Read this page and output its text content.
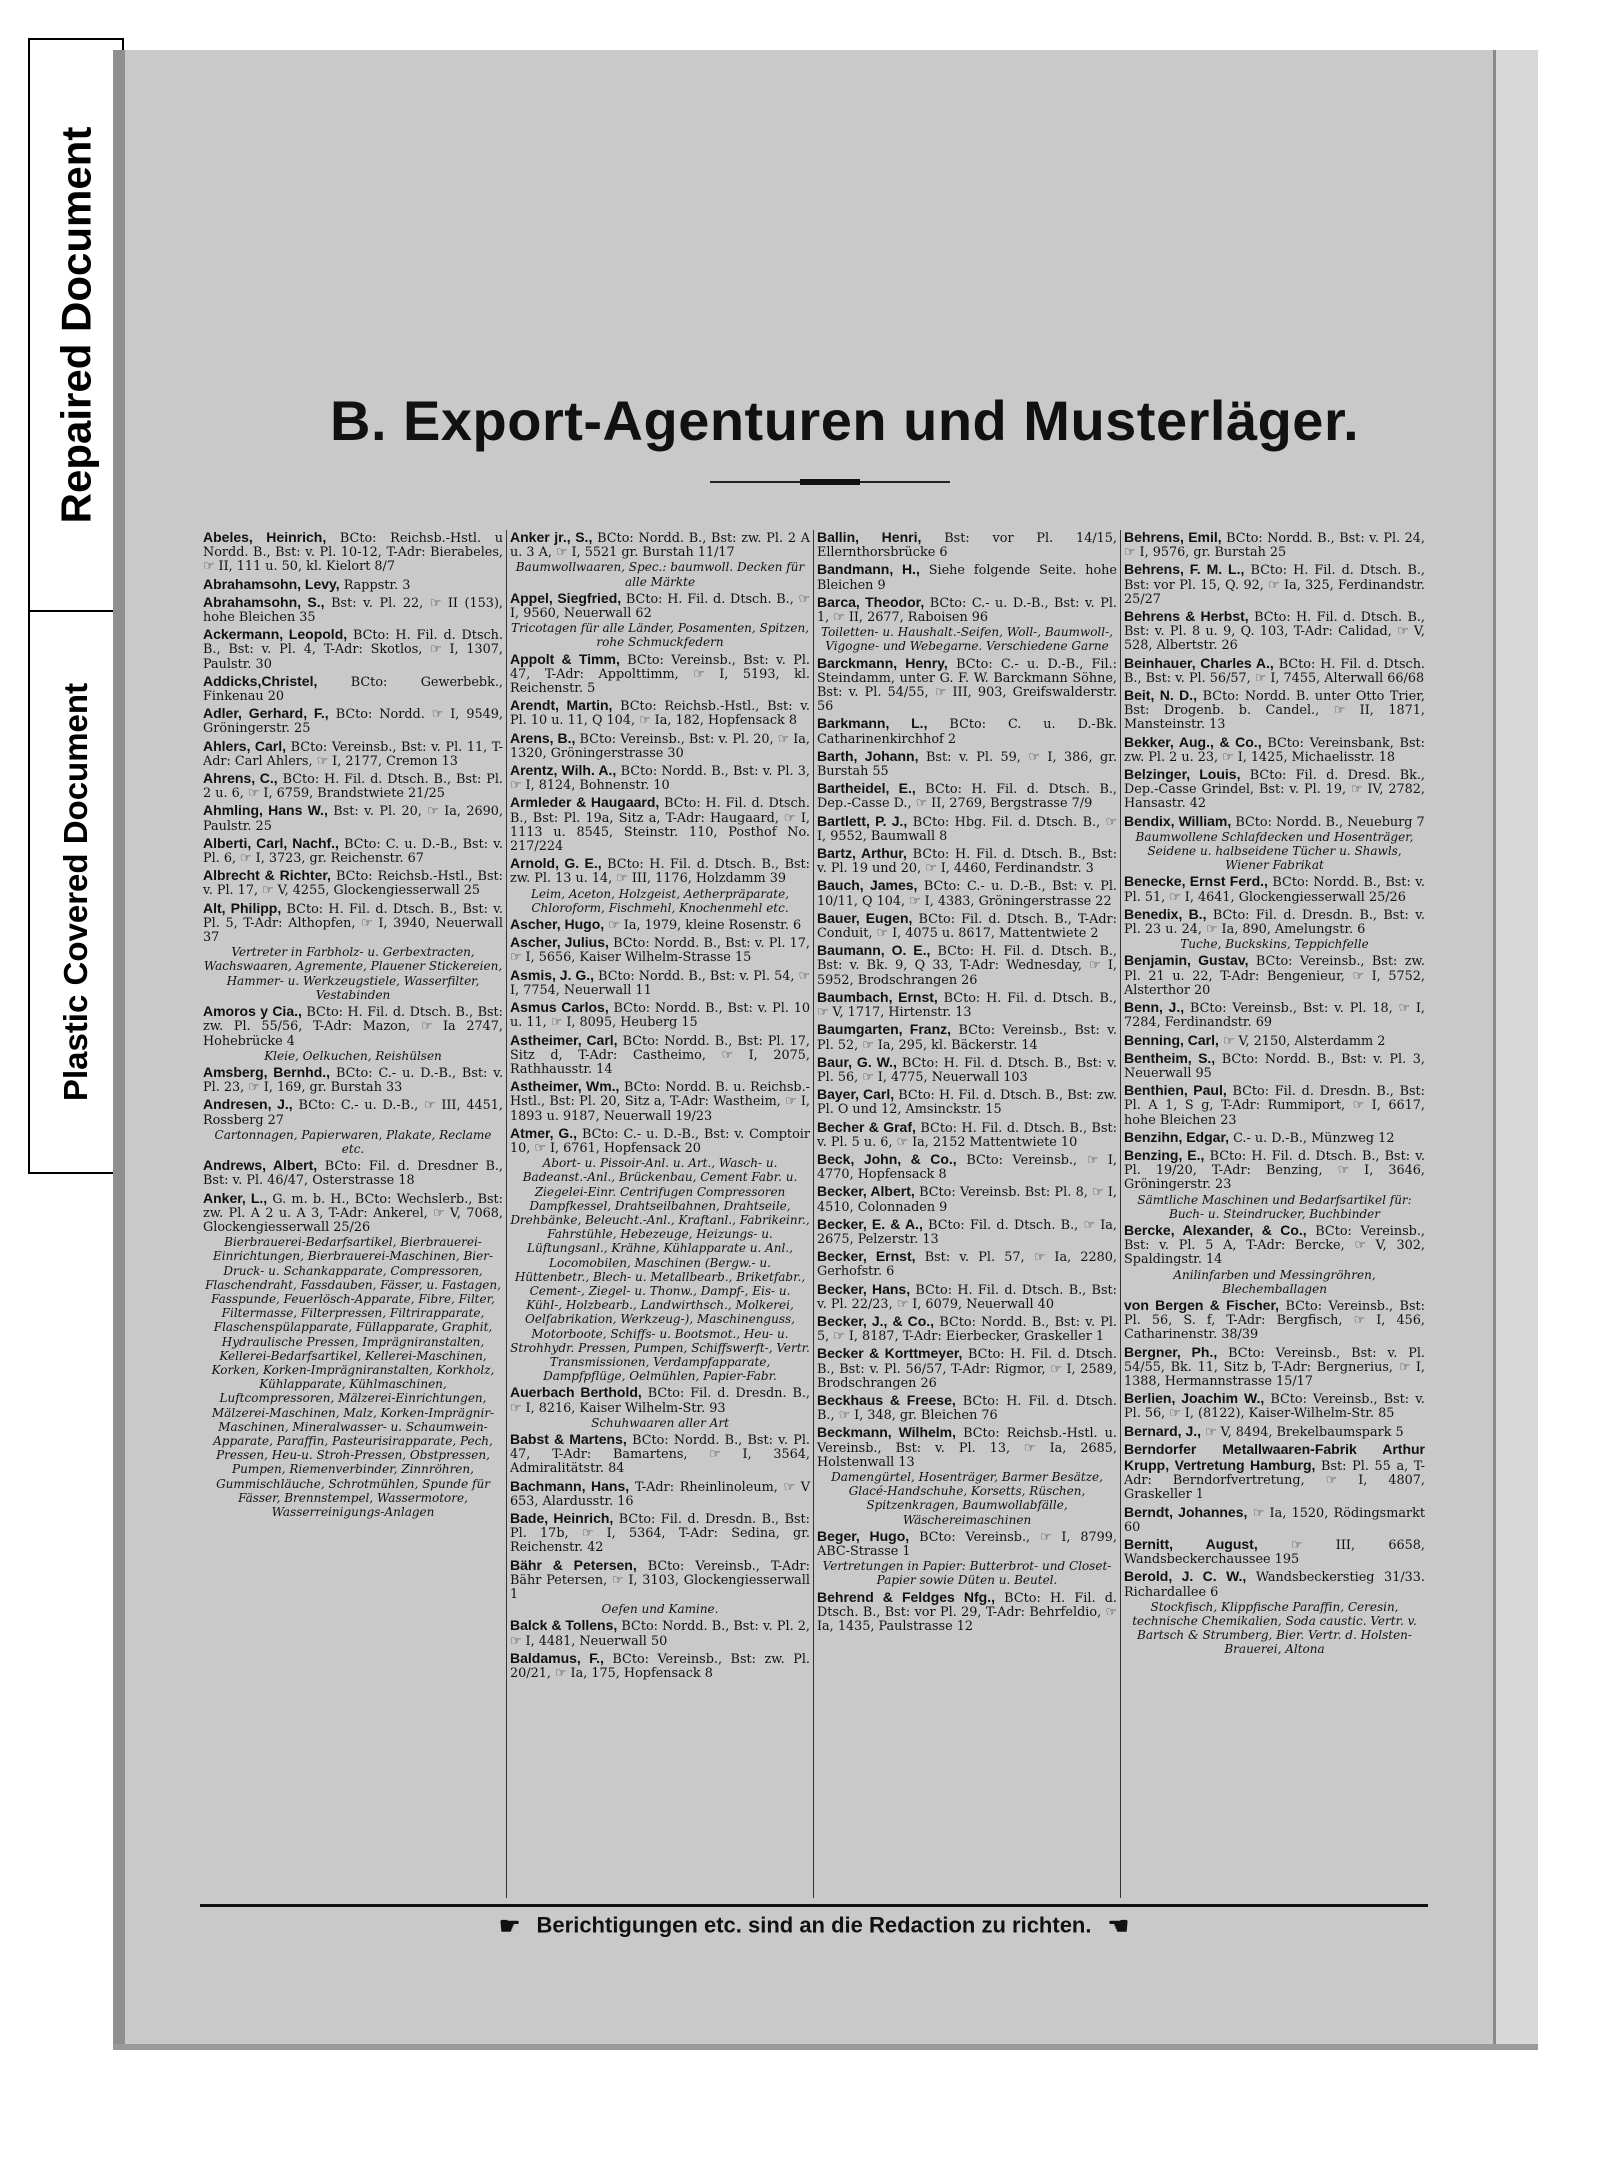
Repaired Document
Plastic Covered Document
B. Export-Agenturen und Musterläger.
Abeles, Heinrich, BCto: Reichsb.-Hstl. u Nordd. B., Bst: v. Pl. 10-12, T-Adr: Bierabeles, ☞ II, 111 u. 50, kl. Kielort 8/7
Abrahamsohn, Levy, Rappstr. 3
Abrahamsohn, S., Bst: v. Pl. 22, ☞ II (153), hohe Bleichen 35
Ackermann, Leopold, BCto: H. Fil. d. Dtsch. B., Bst: v. Pl. 4, T-Adr: Skotlos, ☞ I, 1307, Paulstr. 30
Addicks,Christel,	BCto: Gewerbebk., Finkenau 20
Adler, Gerhard, F., BCto: Nordd. ☞ I, 9549, Gröningerstr. 25
Ahlers, Carl, BCto: Vereinsb., Bst: v. Pl. 11, T-Adr: Carl Ahlers, ☞ I, 2177, Cremon 13
Ahrens, C., BCto: H. Fil. d. Dtsch. B., Bst: Pl. 2 u. 6, ☞ I, 6759, Brandstwiete 21/25
Ahmling, Hans W., Bst: v. Pl. 20, ☞ Ia, 2690, Paulstr. 25
Alberti, Carl, Nachf., BCto: C. u. D.-B., Bst: v. Pl. 6, ☞ I, 3723, gr. Reichenstr. 67
Albrecht & Richter, BCto: Reichsb.-Hstl., Bst: v. Pl. 17, ☞ V, 4255, Glockengiesserwall 25
Alt, Philipp, BCto: H. Fil. d. Dtsch. B., Bst: v. Pl. 5, T-Adr: Althopfen, ☞ I, 3940, Neuerwall 37
Vertreter in Farbholz- u. Gerbextracten, Wachswaaren, Agremente, Plauener Stickereien, Hammer- u. Werkzeugstiele, Wasserfilter, Vestabinden
Amoros y Cia., BCto: H. Fil. d. Dtsch. B., Bst: zw. Pl. 55/56, T-Adr: Mazon, ☞ Ia 2747, Hohebrücke 4
Kleie, Oelkuchen, Reishülsen
Amsberg, Bernhd., BCto: C.- u. D.-B., Bst: v. Pl. 23, ☞ I, 169, gr. Burstah 33
Andresen, J., BCto: C.- u. D.-B., ☞ III, 4451, Rossberg 27
Cartonnagen, Papierwaren, Plakate, Reclame etc.
Andrews, Albert, BCto: Fil. d. Dresdner B., Bst: v. Pl. 46/47, Osterstrasse 18
Anker, L., G. m. b. H., BCto: Wechslerb., Bst: zw. Pl. A 2 u. A 3, T-Adr: Ankerel, ☞ V, 7068, Glockengiesserwall 25/26
Bierbrauerei-Bedarfsartikel, Bierbrauerei-Einrichtungen, Bierbrauerei-Maschinen, Bier-Druck- u. Schankapparate, Compressoren, Flaschendraht, Fassdauben, Fässer, u. Fastagen, Fasspunde, Feuerlösch-Apparate, Fibre, Filter, Filtermasse, Filterpressen, Filtrirapparate, Flaschenspülapparate, Füllapparate, Graphit, Hydraulische Pressen, Imprägniranstalten, Kellerei-Bedarfsartikel, Kellerei-Maschinen, Korken, Korken-Imprägniranstalten, Korkholz, Kühlapparate, Kühlmaschinen, Luftcompressoren, Mälzerei-Einrichtungen, Mälzerei-Maschinen, Malz, Korken-Imprägnir-Maschinen, Mineralwasser- u. Schaumwein-Apparate, Paraffin, Pasteurisirapparate, Pech, Pressen, Heu-u. Stroh-Pressen, Obstpressen, Pumpen, Riemenverbinder, Zinnröhren, Gummischläuche, Schrotmühlen, Spunde für Fässer, Brennstempel, Wassermotore, Wasserreinigungs-Anlagen
Anker jr., S., BCto: Nordd. B., Bst: zw. Pl. 2 A u. 3 A, ☞ I, 5521 gr. Burstah 11/17
Baumwollwaaren, Spec.: baumwoll. Decken für alle Märkte
Appel, Siegfried, BCto: H. Fil. d. Dtsch. B., ☞ I, 9560, Neuerwall 62
Tricotagen für alle Länder, Posamenten, Spitzen, rohe Schmuckfedern
Appolt & Timm, BCto: Vereinsb., Bst: v. Pl. 47, T-Adr: Appolttimm, ☞ I, 5193, kl. Reichenstr. 5
Arendt, Martin, BCto: Reichsb.-Hstl., Bst: v. Pl. 10 u. 11, Q 104, ☞ Ia, 182, Hopfensack 8
Arens, B., BCto: Vereinsb., Bst: v. Pl. 20, ☞ Ia, 1320, Gröningerstrasse 30
Arentz, Wilh. A., BCto: Nordd. B., Bst: v. Pl. 3, ☞ I, 8124, Bohnenstr. 10
Armleder & Haugaard, BCto: H. Fil. d. Dtsch. B., Bst: Pl. 19a, Sitz a, T-Adr: Haugaard, ☞ I, 1113 u. 8545, Steinstr. 110, Posthof No. 217/224
Arnold, G. E., BCto: H. Fil. d. Dtsch. B., Bst: zw. Pl. 13 u. 14, ☞ III, 1176, Holzdamm 39
Leim, Aceton, Holzgeist, Aetherpräparate, Chloroform, Fischmehl, Knochenmehl etc.
Ascher, Hugo, ☞ Ia, 1979, kleine Rosenstr. 6
Ascher, Julius, BCto: Nordd. B., Bst: v. Pl. 17, ☞ I, 5656, Kaiser Wilhelm-Strasse 15
Asmis, J. G., BCto: Nordd. B., Bst: v. Pl. 54, ☞ I, 7754, Neuerwall 11
Asmus Carlos, BCto: Nordd. B., Bst: v. Pl. 10 u. 11, ☞ I, 8095, Heuberg 15
Astheimer, Carl, BCto: Nordd. B., Bst: Pl. 17, Sitz d, T-Adr: Castheimo, ☞ I, 2075, Rathhausstr. 14
Astheimer, Wm., BCto: Nordd. B. u. Reichsb.-Hstl., Bst: Pl. 20, Sitz a, T-Adr: Wastheim, ☞ I, 1893 u. 9187, Neuerwall 19/23
Atmer, G., BCto: C.- u. D.-B., Bst: v. Comptoir 10, ☞ I, 6761, Hopfensack 20
Abort- u. Pissoir-Anl. u. Art., Wasch- u. Badeanst.-Anl., Brückenbau, Cement Fabr. u. Ziegelei-Einr. Centrifugen Compressoren Dampfkessel, Drahtseilbahnen, Drahtseile, Drehbänke, Beleucht.-Anl., Kraftanl., Fabrikeinr., Fahrstühle, Hebezeuge, Heizungs- u. Lüftungsanl., Krähne, Kühlapparate u. Anl., Locomobilen, Maschinen (Bergw.- u. Hüttenbetr., Blech- u. Metallbearb., Briketfabr., Cement-, Ziegel- u. Thonw., Dampf-, Eis- u. Kühl-, Holzbearb., Landwirthsch., Molkerei, Oelfabrikation, Werkzeug-), Maschinenguss, Motorboote, Schiffs- u. Bootsmot., Heu- u. Strohhydr. Pressen, Pumpen, Schiffswerft-, Vertr. Transmissionen, Verdampfapparate, Dampfpflüge, Oelmühlen, Papier-Fabr.
Auerbach Berthold, BCto: Fil. d. Dresdn. B., ☞ I, 8216, Kaiser Wilhelm-Str. 93
Schuhwaaren aller Art
Babst & Martens, BCto: Nordd. B., Bst: v. Pl. 47, T-Adr: Bamartens, ☞ I, 3564, Admiralitätstr. 84
Bachmann, Hans, T-Adr: Rheinlinoleum, ☞ V 653, Alardusstr. 16
Bade, Heinrich, BCto: Fil. d. Dresdn. B., Bst: Pl. 17b, ☞ I, 5364, T-Adr: Sedina, gr. Reichenstr. 42
Bähr & Petersen, BCto: Vereinsb., T-Adr: Bähr Petersen, ☞ I, 3103, Glockengiesserwall 1
Oefen und Kamine.
Balck & Tollens, BCto: Nordd. B., Bst: v. Pl. 2, ☞ I, 4481, Neuerwall 50
Baldamus, F., BCto: Vereinsb., Bst: zw. Pl. 20/21, ☞ Ia, 175, Hopfensack 8
Ballin, Henri, Bst: vor Pl. 14/15, Ellernthorsbrücke 6
Bandmann, H., Siehe folgende Seite. hohe Bleichen 9
Barca, Theodor, BCto: C.- u. D.-B., Bst: v. Pl. 1, ☞ II, 2677, Raboisen 96
Toiletten- u. Haushalt.-Seifen, Woll-, Baumwoll-, Vigogne- und Webegarne. Verschiedene Garne
Barckmann, Henry, BCto: C.- u. D.-B., Fil.: Steindamm, unter G. F. W. Barckmann Söhne, Bst: v. Pl. 54/55, ☞ III, 903, Greifswalderstr. 56
Barkmann, L., BCto: C. u. D.-Bk. Catharinenkirchhof 2
Barth, Johann, Bst: v. Pl. 59, ☞ I, 386, gr. Burstah 55
Bartheidel, E., BCto: H. Fil. d. Dtsch. B., Dep.-Casse D., ☞ II, 2769, Bergstrasse 7/9
Bartlett, P. J., BCto: Hbg. Fil. d. Dtsch. B., ☞ I, 9552, Baumwall 8
Bartz, Arthur, BCto: H. Fil. d. Dtsch. B., Bst: v. Pl. 19 und 20, ☞ I, 4460, Ferdinandstr. 3
Bauch, James, BCto: C.- u. D.-B., Bst: v. Pl. 10/11, Q 104, ☞ I, 4383, Gröningerstrasse 22
Bauer, Eugen, BCto: Fil. d. Dtsch. B., T-Adr: Conduit, ☞ I, 4075 u. 8617, Mattentwiete 2
Baumann, O. E., BCto: H. Fil. d. Dtsch. B., Bst: v. Bk. 9, Q 33, T-Adr: Wednesday, ☞ I, 5952, Brodschrangen 26
Baumbach, Ernst, BCto: H. Fil. d. Dtsch. B., ☞ V, 1717, Hirtenstr. 13
Baumgarten, Franz, BCto: Vereinsb., Bst: v. Pl. 52, ☞ Ia, 295, kl. Bäckerstr. 14
Baur, G. W., BCto: H. Fil. d. Dtsch. B., Bst: v. Pl. 56, ☞ I, 4775, Neuerwall 103
Bayer, Carl, BCto: H. Fil. d. Dtsch. B., Bst: zw. Pl. O und 12, Amsinckstr. 15
Becher & Graf, BCto: H. Fil. d. Dtsch. B., Bst: v. Pl. 5 u. 6, ☞ Ia, 2152 Mattentwiete 10
Beck, John, & Co., BCto: Vereinsb., ☞ I, 4770, Hopfensack 8
Becker, Albert, BCto: Vereinsb. Bst: Pl. 8, ☞ I, 4510, Colonnaden 9
Becker, E. & A., BCto: Fil. d. Dtsch. B., ☞ Ia, 2675, Pelzerstr. 13
Becker, Ernst, Bst: v. Pl. 57, ☞ Ia, 2280, Gerhofstr. 6
Becker, Hans, BCto: H. Fil. d. Dtsch. B., Bst: v. Pl. 22/23, ☞ I, 6079, Neuerwall 40
Becker, J., & Co., BCto: Nordd. B., Bst: v. Pl. 5, ☞ I, 8187, T-Adr: Eierbecker, Graskeller 1
Becker & Korttmeyer, BCto: H. Fil. d. Dtsch. B., Bst: v. Pl. 56/57, T-Adr: Rigmor, ☞ I, 2589, Brodschrangen 26
Beckhaus & Freese, BCto: H. Fil. d. Dtsch. B., ☞ I, 348, gr. Bleichen 76
Beckmann, Wilhelm, BCto: Reichsb.-Hstl. u. Vereinsb., Bst: v. Pl. 13, ☞ Ia, 2685, Holstenwall 13
Damengürtel, Hosenträger, Barmer Besätze, Glacé-Handschuhe, Korsetts, Rüschen, Spitzenkragen, Baumwollabfälle, Wäschereimaschinen
Beger, Hugo, BCto: Vereinsb., ☞ I, 8799, ABC-Strasse 1
Vertretungen in Papier: Butterbrot- und Closet-Papier sowie Düten u. Beutel.
Behrend & Feldges Nfg., BCto: H. Fil. d. Dtsch. B., Bst: vor Pl. 29, T-Adr: Behrfeldio, ☞ Ia, 1435, Paulstrasse 12
Behrens, Emil, BCto: Nordd. B., Bst: v. Pl. 24, ☞ I, 9576, gr. Burstah 25
Behrens, F. M. L., BCto: H. Fil. d. Dtsch. B., Bst: vor Pl. 15, Q. 92, ☞ Ia, 325, Ferdinandstr. 25/27
Behrens & Herbst, BCto: H. Fil. d. Dtsch. B., Bst: v. Pl. 8 u. 9, Q. 103, T-Adr: Calidad, ☞ V, 528, Albertstr. 26
Beinhauer, Charles A., BCto: H. Fil. d. Dtsch. B., Bst: v. Pl. 56/57, ☞ I, 7455, Alterwall 66/68
Beit, N. D., BCto: Nordd. B. unter Otto Trier, Bst: Drogenb. b. Candel., ☞ II, 1871, Mansteinstr. 13
Bekker, Aug., & Co., BCto: Vereinsbank, Bst: zw. Pl. 2 u. 23, ☞ I, 1425, Michaelisstr. 18
Belzinger, Louis, BCto: Fil. d. Dresd. Bk., Dep.-Casse Grindel, Bst: v. Pl. 19, ☞ IV, 2782, Hansastr. 42
Bendix, William, BCto: Nordd. B., Neueburg 7
Baumwollene Schlafdecken und Hosenträger, Seidene u. halbseidene Tücher u. Shawls, Wiener Fabrikat
Benecke, Ernst Ferd., BCto: Nordd. B., Bst: v. Pl. 51, ☞ I, 4641, Glockengiesserwall 25/26
Benedix, B., BCto: Fil. d. Dresdn. B., Bst: v. Pl. 23 u. 24, ☞ Ia, 890, Amelungstr. 6
Tuche, Buckskins, Teppichfelle
Benjamin, Gustav, BCto: Vereinsb., Bst: zw. Pl. 21 u. 22, T-Adr: Bengenieur, ☞ I, 5752, Alsterthor 20
Benn, J., BCto: Vereinsb., Bst: v. Pl. 18, ☞ I, 7284, Ferdinandstr. 69
Benning, Carl, ☞ V, 2150, Alsterdamm 2
Bentheim, S., BCto: Nordd. B., Bst: v. Pl. 3, Neuerwall 95
Benthien, Paul, BCto: Fil. d. Dresdn. B., Bst: Pl. A 1, S g, T-Adr: Rummiport, ☞ I, 6617, hohe Bleichen 23
Benzihn, Edgar, C.- u. D.-B., Münzweg 12
Benzing, E., BCto: H. Fil. d. Dtsch. B., Bst: v. Pl. 19/20, T-Adr: Benzing, ☞ I, 3646, Gröningerstr. 23
Sämtliche Maschinen und Bedarfsartikel für: Buch- u. Steindrucker, Buchbinder
Bercke, Alexander, & Co., BCto: Vereinsb., Bst: v. Pl. 5 A, T-Adr: Bercke, ☞ V, 302, Spaldingstr. 14
Anilinfarben und Messingröhren, Blechemballagen
von Bergen & Fischer, BCto: Vereinsb., Bst: Pl. 56, S. f, T-Adr: Bergfisch, ☞ I, 456, Catharinenstr. 38/39
Bergner, Ph., BCto: Vereinsb., Bst: v. Pl. 54/55, Bk. 11, Sitz b, T-Adr: Bergnerius, ☞ I, 1388, Hermannstrasse 15/17
Berlien, Joachim W., BCto: Vereinsb., Bst: v. Pl. 56, ☞ I, (8122), Kaiser-Wilhelm-Str. 85
Bernard, J., ☞ V, 8494, Brekelbaumspark 5
Berndorfer Metallwaaren-Fabrik Arthur Krupp, Vertretung Hamburg, Bst: Pl. 55 a, T-Adr: Berndorfvertretung, ☞ I, 4807, Graskeller 1
Berndt, Johannes, ☞ Ia, 1520, Rödingsmarkt 60
Bernitt, August,	☞ III, 6658, Wandsbeckerchaussee 195
Berold, J. C. W., Wandsbeckerstieg 31/33. Richardallee 6
Stockfisch, Klippfische Paraffin, Ceresin, technische Chemikalien, Soda caustic. Vertr. v. Bartsch & Strumberg, Bier. Vertr. d. Holsten-Brauerei, Altona
☛ Berichtigungen etc. sind an die Redaction zu richten. ☚
